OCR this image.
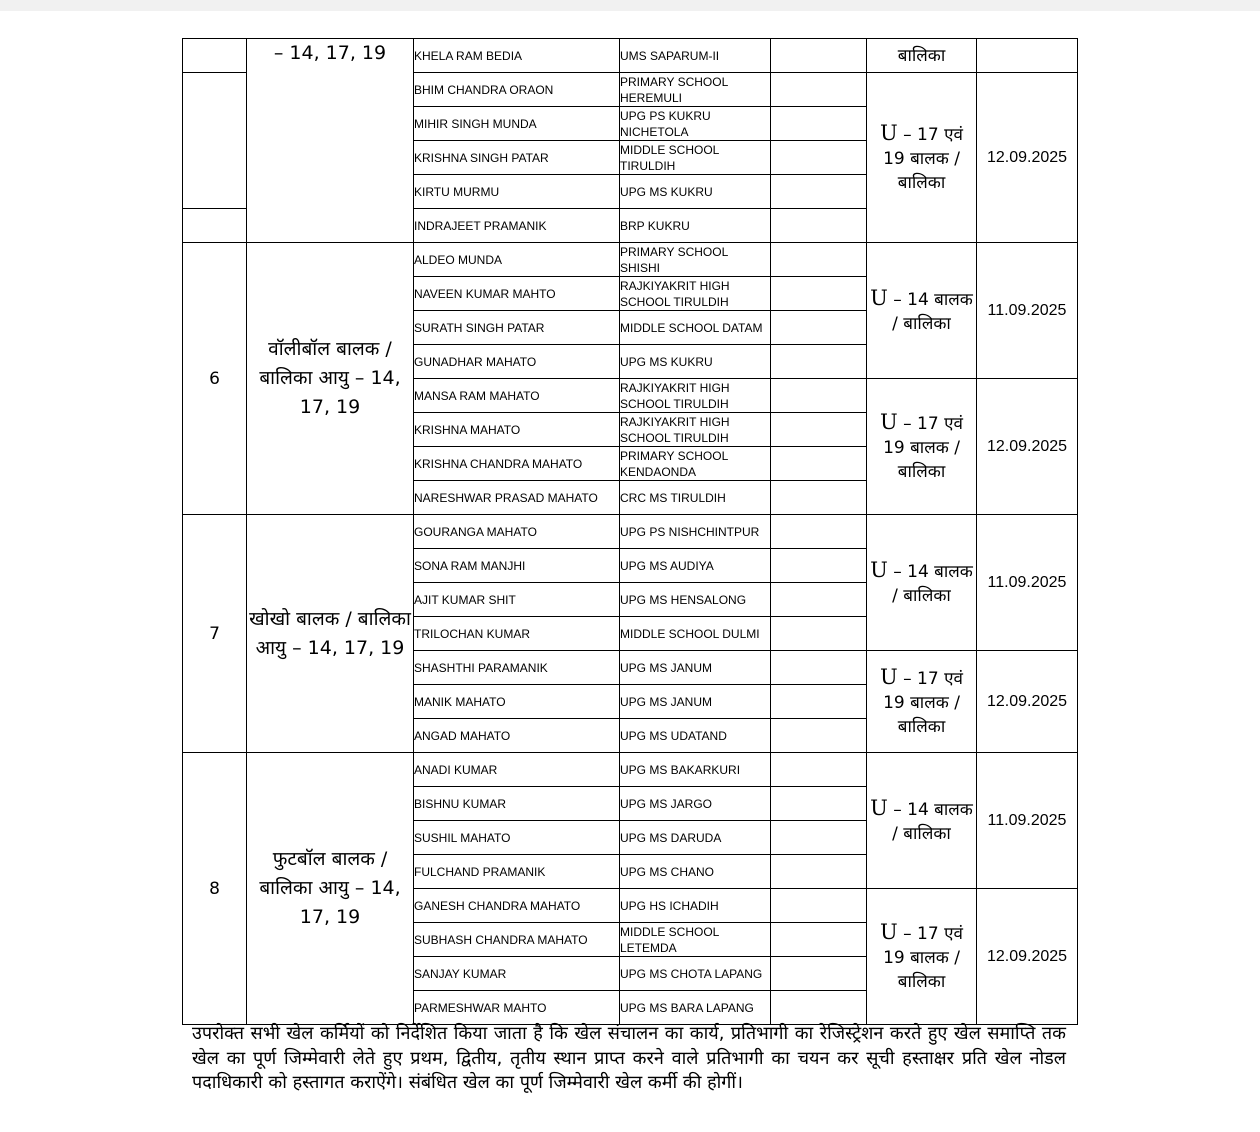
	– 14, 17, 19	KHELA RAM BEDIA	UMS SAPARUM-II		बालिका	
		BHIM CHANDRA ORAON	PRIMARY SCHOOL HEREMULI		U – 17 एवं 19 बालक / बालिका	12.09.2025
		MIHIR SINGH MUNDA	UPG PS KUKRU NICHETOLA			
		KRISHNA SINGH PATAR	MIDDLE SCHOOL TIRULDIH			
		KIRTU MURMU	UPG MS KUKRU			
		INDRAJEET PRAMANIK	BRP KUKRU			
6	वॉलीबॉल बालक / बालिका आयु – 14, 17, 19	ALDEO MUNDA	PRIMARY SCHOOL SHISHI		U – 14 बालक / बालिका	11.09.2025
		NAVEEN KUMAR MAHTO	RAJKIYAKRIT HIGH SCHOOL TIRULDIH			
		SURATH SINGH PATAR	MIDDLE SCHOOL DATAM			
		GUNADHAR MAHATO	UPG MS KUKRU			
		MANSA RAM MAHATO	RAJKIYAKRIT HIGH SCHOOL TIRULDIH		U – 17 एवं 19 बालक / बालिका	12.09.2025
		KRISHNA MAHATO	RAJKIYAKRIT HIGH SCHOOL TIRULDIH			
		KRISHNA CHANDRA MAHATO	PRIMARY SCHOOL KENDAONDA			
		NARESHWAR PRASAD MAHATO	CRC MS TIRULDIH			
7	खोखो बालक / बालिका आयु – 14, 17, 19	GOURANGA MAHATO	UPG PS NISHCHINTPUR		U – 14 बालक / बालिका	11.09.2025
		SONA RAM MANJHI	UPG MS AUDIYA			
		AJIT KUMAR SHIT	UPG MS HENSALONG			
		TRILOCHAN KUMAR	MIDDLE SCHOOL DULMI			
		SHASHTHI PARAMANIK	UPG MS JANUM		U – 17 एवं 19 बालक / बालिका	12.09.2025
		MANIK MAHATO	UPG MS JANUM			
		ANGAD MAHATO	UPG MS UDATAND			
8	फुटबॉल बालक / बालिका आयु – 14, 17, 19	ANADI KUMAR	UPG MS BAKARKURI		U – 14 बालक / बालिका	11.09.2025
		BISHNU KUMAR	UPG MS JARGO			
		SUSHIL MAHATO	UPG MS DARUDA			
		FULCHAND PRAMANIK	UPG MS CHANO			
		GANESH CHANDRA MAHATO	UPG HS ICHADIH		U – 17 एवं 19 बालक / बालिका	12.09.2025
		SUBHASH CHANDRA MAHATO	MIDDLE SCHOOL LETEMDA			
		SANJAY KUMAR	UPG MS CHOTA LAPANG			
		PARMESHWAR MAHTO	UPG MS BARA LAPANG			

उपरोक्त सभी खेल कर्मियों को निर्देशित किया जाता है कि खेल संचालन का कार्य, प्रतिभागी का रेजिस्ट्रेशन करते हुए खेल समाप्ति तक खेल का पूर्ण जिम्मेवारी लेते हुए प्रथम, द्वितीय, तृतीय स्थान प्राप्त करने वाले प्रतिभागी का चयन कर सूची हस्ताक्षर प्रति खेल नोडल पदाधिकारी को हस्तागत कराऐंगे। संबंधित खेल का पूर्ण जिम्मेवारी खेल कर्मी की होगीं।
